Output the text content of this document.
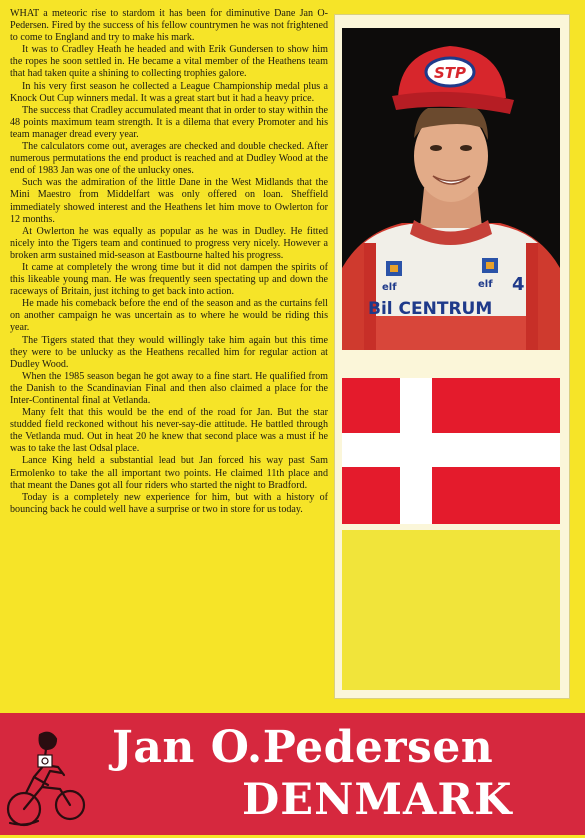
WHAT a meteoric rise to stardom it has been for diminutive Dane Jan O-Pedersen. Fired by the success of his fellow countrymen he was not frightened to come to England and try to make his mark.

It was to Cradley Heath he headed and with Erik Gundersen to show him the ropes he soon settled in. He became a vital member of the Heathens team that had taken quite a shining to collecting trophies galore.

In his very first season he collected a League Championship medal plus a Knock Out Cup winners medal. It was a great start but it had a heavy price.

The success that Cradley accumulated meant that in order to stay within the 48 points maximum team strength. It is a dilema that every Promoter and his team manager dread every year.

The calculators come out, averages are checked and double checked. After numerous permutations the end product is reached and at Dudley Wood at the end of 1983 Jan was one of the unlucky ones.

Such was the admiration of the little Dane in the West Midlands that the Mini Maestro from Middelfart was only offered on loan. Sheffield immediately showed interest and the Heathens let him move to Owlerton for 12 months.

At Owlerton he was equally as popular as he was in Dudley. He fitted nicely into the Tigers team and continued to progress very nicely. However a broken arm sustained mid-season at Eastbourne halted his progress.

It came at completely the wrong time but it did not dampen the spirits of this likeable young man. He was frequently seen spectating up and down the raceways of Britain, just itching to get back into action.

He made his comeback before the end of the season and as the curtains fell on another campaign he was uncertain as to where he would be riding this year.

The Tigers stated that they would willingly take him again but this time they were to be unlucky as the Heathens recalled him for regular action at Dudley Wood.

When the 1985 season began he got away to a fine start. He qualified from the Danish to the Scandinavian Final and then also claimed a place for the Inter-Continental final at Vetlanda.

Many felt that this would be the end of the road for Jan. But the star studded field reckoned without his never-say-die attitude. He battled through the Vetlanda mud. Out in heat 20 he knew that second place was a must if he was to take the last Odsal place.

Lance King held a substantial lead but Jan forced his way past Sam Ermolenko to take the all important two points. He claimed 11th place and that meant the Danes got all four riders who started the night to Bradford.

Today is a completely new experience for him, but with a history of bouncing back he could well have a surprise or two in store for us today.

STP
elf	elf 4
Bil CENTRUM
Jan O.Pedersen
DENMARK
